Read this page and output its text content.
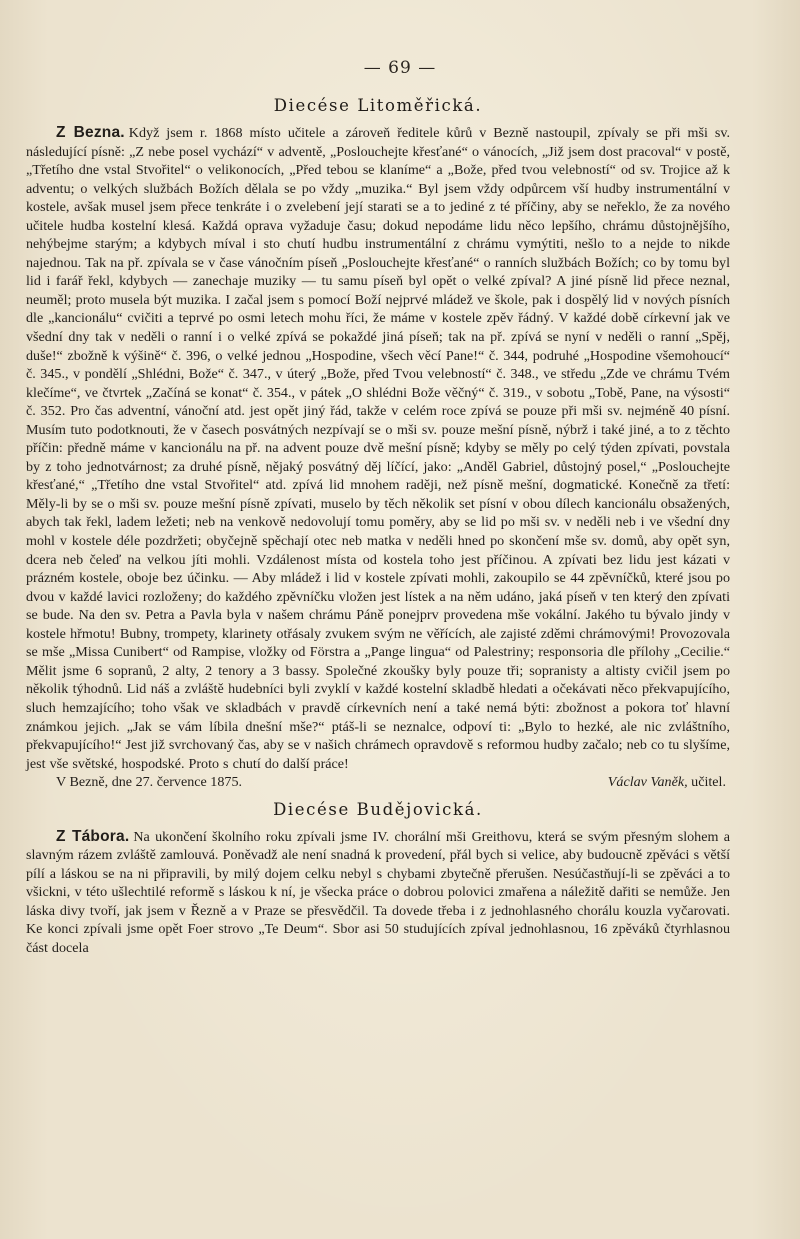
— 69 —
Diecése Litoměřická.

Z Bezna. Když jsem r. 1868 místo učitele a zároveň ředitele kůrů v Bezně nastoupil, zpívaly se při mši sv. následující písně: „Z nebe posel vychází“ v adventě, „Poslouchejte křesťané“ o vánocích, „Již jsem dost pracoval“ v postě, „Třetího dne vstal Stvořitel“ o velikonocích, „Před tebou se klaníme“ a „Bože, před tvou velebností“ od sv. Trojice až k adventu; o velkých službách Božích dělala se po vždy „muzika.“ Byl jsem vždy odpůrcem vší hudby instrumentální v kostele, avšak musel jsem přece tenkráte i o zvelebení její starati se a to jediné z té příčiny, aby se neřeklo, že za nového učitele hudba kostelní klesá. Každá oprava vyžaduje času; dokud nepodáme lidu něco lepšího, chrámu důstojnějšího, nehýbejme starým; a kdybych míval i sto chutí hudbu instrumentální z chrámu vymýtiti, nešlo to a nejde to nikde najednou. Tak na př. zpívala se v čase vánočním píseň „Poslouchejte křesťané“ o ranních službách Božích; co by tomu byl lid i farář řekl, kdybych — zanechaje muziky — tu samu píseň byl opět o velké zpíval? A jiné písně lid přece neznal, neuměl; proto musela být muzika. I začal jsem s pomocí Boží nejprvé mládež ve škole, pak i dospělý lid v nových písních dle „kancionálu“ cvičiti a teprvé po osmi letech mohu říci, že máme v kostele zpěv řádný. V každé době církevní jak ve všední dny tak v neděli o ranní i o velké zpívá se pokaždé jiná píseň; tak na př. zpívá se nyní v neděli o ranní „Spěj, duše!“ zbožně k výšině“ č. 396, o velké jednou „Hospodine, všech věcí Pane!“ č. 344, podruhé „Hospodine všemohoucí“ č. 345., v pondělí „Shlédni, Bože“ č. 347., v úterý „Bože, před Tvou velebností“ č. 348., ve středu „Zde ve chrámu Tvém klečíme“, ve čtvrtek „Začíná se konat“ č. 354., v pátek „O shlédni Bože věčný“ č. 319., v sobotu „Tobě, Pane, na výsosti“ č. 352. Pro čas adventní, vánoční atd. jest opět jiný řád, takže v celém roce zpívá se pouze při mši sv. nejméně 40 písní. Musím tuto podotknouti, že v časech posvátných nezpívají se o mši sv. pouze mešní písně, nýbrž i také jiné, a to z těchto příčin: předně máme v kancionálu na př. na advent pouze dvě mešní písně; kdyby se měly po celý týden zpívati, povstala by z toho jednotvárnost; za druhé písně, nějaký posvátný děj líčící, jako: „Anděl Gabriel, důstojný posel,“ „Poslouchejte křesťané,“ „Třetího dne vstal Stvořitel“ atd. zpívá lid mnohem raději, než písně mešní, dogmatické. Konečně za třetí: Měly-li by se o mši sv. pouze mešní písně zpívati, muselo by těch několik set písní v obou dílech kancionálu obsažených, abych tak řekl, ladem ležeti; neb na venkově nedovolují tomu poměry, aby se lid po mši sv. v neděli neb i ve všední dny mohl v kostele déle pozdržeti; obyčejně spěchají otec neb matka v neděli hned po skončení mše sv. domů, aby opět syn, dcera neb čeleď na velkou jíti mohli. Vzdálenost místa od kostela toho jest příčinou. A zpívati bez lidu jest kázati v prázném kostele, oboje bez účinku. — Aby mládež i lid v kostele zpívati mohli, zakoupilo se 44 zpěvníčků, které jsou po dvou v každé lavici rozloženy; do každého zpěvníčku vložen jest lístek a na něm udáno, jaká píseň v ten který den zpívati se bude. Na den sv. Petra a Pavla byla v našem chrámu Páně ponejprv provedena mše vokální. Jakého tu bývalo jindy v kostele hřmotu! Bubny, trompety, klarinety otřásaly zvukem svým ne věřících, ale zajisté zděmi chrámovými! Provozovala se mše „Missa Cunibert“ od Rampise, vložky od Förstra a „Pange lingua“ od Palestriny; responsoria dle přílohy „Cecilie.“ Mělit jsme 6 sopranů, 2 alty, 2 tenory a 3 bassy. Společné zkoušky byly pouze tři; sopranisty a altisty cvičil jsem po několik týhodnů. Lid náš a zvláště hudebníci byli zvyklí v každé kostelní skladbě hledati a očekávati něco překvapujícího, sluch hemzajícího; toho však ve skladbách v pravdě církevních není a také nemá býti: zbožnost a pokora toť hlavní známkou jejich. „Jak se vám líbila dnešní mše?“ ptáš-li se neznalce, odpoví ti: „Bylo to hezké, ale nic zvláštního, překvapujícího!“ Jest již svrchovaný čas, aby se v našich chrámech opravdově s reformou hudby začalo; neb co tu slyšíme, jest vše světské, hospodské. Proto s chutí do další práce!

V Bezně, dne 27. července 1875.	Václav Vaněk, učitel.
Diecése Budějovická.

Z Tábora. Na ukončení školního roku zpívali jsme IV. chorální mši Greithovu, která se svým přesným slohem a slavným rázem zvláště zamlouvá. Poněvadž ale není snadná k provedení, přál bych si velice, aby budoucně zpěváci s větší pílí a láskou se na ni připravili, by milý dojem celku nebyl s chybami zbytečně přerušen. Nesúčastňují-li se zpěváci a to všickni, v této ušlechtilé reformě s láskou k ní, je všecka práce o dobrou polovici zmařena a náležitě dařiti se nemůže. Jen láska divy tvoří, jak jsem v Řezně a v Praze se přesvědčil. Ta dovede třeba i z jednohlasného chorálu kouzla vyčarovati. Ke konci zpívali jsme opět Foer strovo „Te Deum“. Sbor asi 50 studujících zpíval jednohlasnou, 16 zpěváků čtyrhlasnou část docela
